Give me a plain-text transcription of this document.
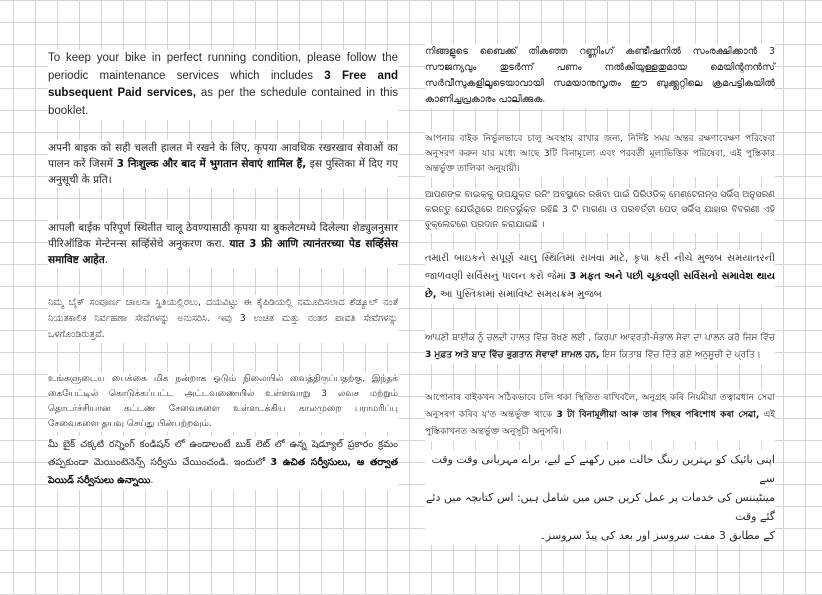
To keep your bike in perfect running condition, please follow the periodic maintenance services which includes 3 Free and subsequent Paid services, as per the schedule contained in this booklet.

अपनी बाइक को सही चलती हालत में रखने के लिए, कृपया आवधिक रखरखाव सेवाओं का पालन करें जिसमें 3 निःशुल्क और बाद में भुगतान सेवाएं शामिल हैं, इस पुस्तिका में दिए गए अनुसूची के प्रति।

आपली बाईक परिपूर्ण स्थितीत चालू ठेवण्यासाठी कृपया या बुकलेटमध्ये दिलेल्या शेड्युलनुसार पीरिऑडिक मेन्टेनन्स सर्व्हिसेचे अनुकरण करा. यात 3 फ्री आणि त्यानंतरच्या पेड सर्व्हिसेस समाविष्ट आहेत.

ನಿಮ್ಮ ಬೈಕ್ ಸಂಪೂರ್ಣ ಚಾಲನಾ ಸ್ಥಿತಿಯಲ್ಲಿರಲು, ದಯವಿಟ್ಟು ಈ ಕೈಪಿಡಿಯಲ್ಲಿ ನಮೂದಿಸಲಾದ ಶೆಡ್ಯೂಲ್ ನಂತೆ ನಿಯತಕಾಲಿಕ ನಿರ್ವಹಣಾ ಸೇವೆಗಳನ್ನು ಅನುಸರಿಸಿ. ಇವು 3 ಉಚಿತ ಮತ್ತು ನಂತರ ಪಾವತಿ ಸೇವೆಗಳನ್ನು ಒಳಗೊಂಡಿರುತ್ತವೆ.

உங்களுடைய பைக்கை மிக நன்றாக ஓடும் நிலையில் வைத்திருப்பதற்கு, இந்தக் கையேட்டில் கொடுக்கப்பட்ட அட்டவணையில் உள்ளவாறு 3 லவச மற்றும் தொடர்ச்சியான கட்டண சேவைகளை உள்ளடக்கிய காலமுறை பராமரிப்பு சேவைகளை தயவு செய்து பின்பற்றவும்.

మీ బైక్ చక్కటి రన్నింగ్ కండిషన్ లో ఉండాలంటే బుక్ లెట్ లో ఉన్న షెడ్యూల్ ప్రకారం క్రమం తప్పకుండా మెయింటెనెన్స్ సర్వీసు చేయించండి. ఇందులో 3 ఉచిత సర్వీసులు, ఆ తర్వాత పెయిడ్ సర్వీసులు ఉన్నాయి.

നിങ്ങളുടെ ബൈക്ക് തികഞ്ഞ റണ്ണിംഗ് കണ്ടീഷനിൽ സംരക്ഷിക്കാൻ 3 സൗജന്യവും തുടർന്ന് പണം നൽകിയുള്ളതുമായ മെയിന്റനൻസ് സർവീസുകളിലൂടെയാവായി സമയാനുസൃതം ഈ ബുക്ക്ലറ്റിലെ ക്രമപട്ടികയിൽ കാണിച്ചപ്രകാരം പാലിക്കുക.

আপনার বাইক নির্ভুলভাবে চালু অবস্থায় রাখার জন্য, নির্দিষ্ট সময় অন্তর রক্ষণাবেক্ষণ পরিষেবা অনুসরণ করুন যার মধ্যে আছে 3টি বিনামূল্যে এবং পরবর্তী মূল্যভিত্তিক পরিষেবা, এই পুস্তিকার অন্তর্ভুক্ত তালিকা অনুযায়ী।

ଆପଣଙ୍କ ବାଇକ୍କୁ ଉପଯୁକ୍ତ ରନିଂ ଅବସ୍ଥାରେ ରଖିବା ପାଇଁ ପିରିଓଡିକ୍ ମେଣ୍ଟେନାନ୍ସ ସର୍ଭିସ୍ ଅନୁସରଣ କରନ୍ତୁ ଯେଉଁଥିରେ ଅନ୍ତର୍ଭୁକ୍ତ ରହିଛି 3 ଟି ମାଗଣା ଓ ପରବର୍ତ୍ତୀ ପେଡ୍ ସର୍ଭିସ୍ ଯାହାର ବିବରଣୀ ଏହି ବୁକ୍ଲେଟରେ ପ୍ରଦାନ କରାଯାଇଛି ।

તમારી બાઇકને સંપૂર્ણ ચાલુ સ્થિતિમાં રાખવા માટે, કૃપા કરી નીચે મુજબ સમયાંતરની જાળવણી સર્વિસનું પાલન કરો જેમાં 3 મફત અને પછી ચૂકવણી સર્વિસનો સમાવેશ થાય છે, આ પુસ્તિકામાં સમાવિષ્ટ સમયક્રમ મુજબ

ਆਪਣੀ ਬਾਈਕ ਨੂੰ ਚਲਦੀ ਹਾਲਤ ਵਿੱਚ ਰੱਖਣ ਲਈ , ਕਿਰਪਾ ਆਵਰਤੀ-ਸੰਭਾਲ ਸੇਵਾ ਦਾ ਪਾਲਨ ਕਰੋ ਜਿਸ ਵਿੱਚ 3 ਮੁਫ਼ਤ ਅਤੇ ਬਾਦ ਵਿੱਚ ਭੁਗਤਾਨ ਸੇਵਾਵਾਂ ਸ਼ਾਮਲ ਹਨ, ਇਸ ਕਿਤਾਬ ਵਿੱਚ ਦਿੱਤੇ ਗਏ ਅਨੁਸੂਚੀ ਦੇ ਪ੍ਰਤਿ।

আপোনাৰ বাইকখন সঠিকভাবে চলি থকা স্থিতিত ৰাখিবলৈ, অনুগ্ৰহ কৰি নিয়মীয়া তত্বাৱধান সেৱা অনুসৰণ কৰিব য'ত অন্তর্ভুক্ত থাকে 3 টা বিনামূলীয়া আৰু তাৰ পিছৰ পৰিশোধ কৰা সেৱা, এই পুস্তিকাখনত অন্তর্ভুক্ত অনুসূচী অনুসৰি।

اپنی بائیک کو بہترین رننگ حالت میں رکھنے کے لیے، براے مہربانی وقت وقت سے
مینٹیننس کی خدمات پر عمل کریں جس میں شامل ہیں: اس کتابچہ میں دئے گئے وقت
کے مطابق 3 مفت سروسز اور بعد کی پیڈ سروسز۔
